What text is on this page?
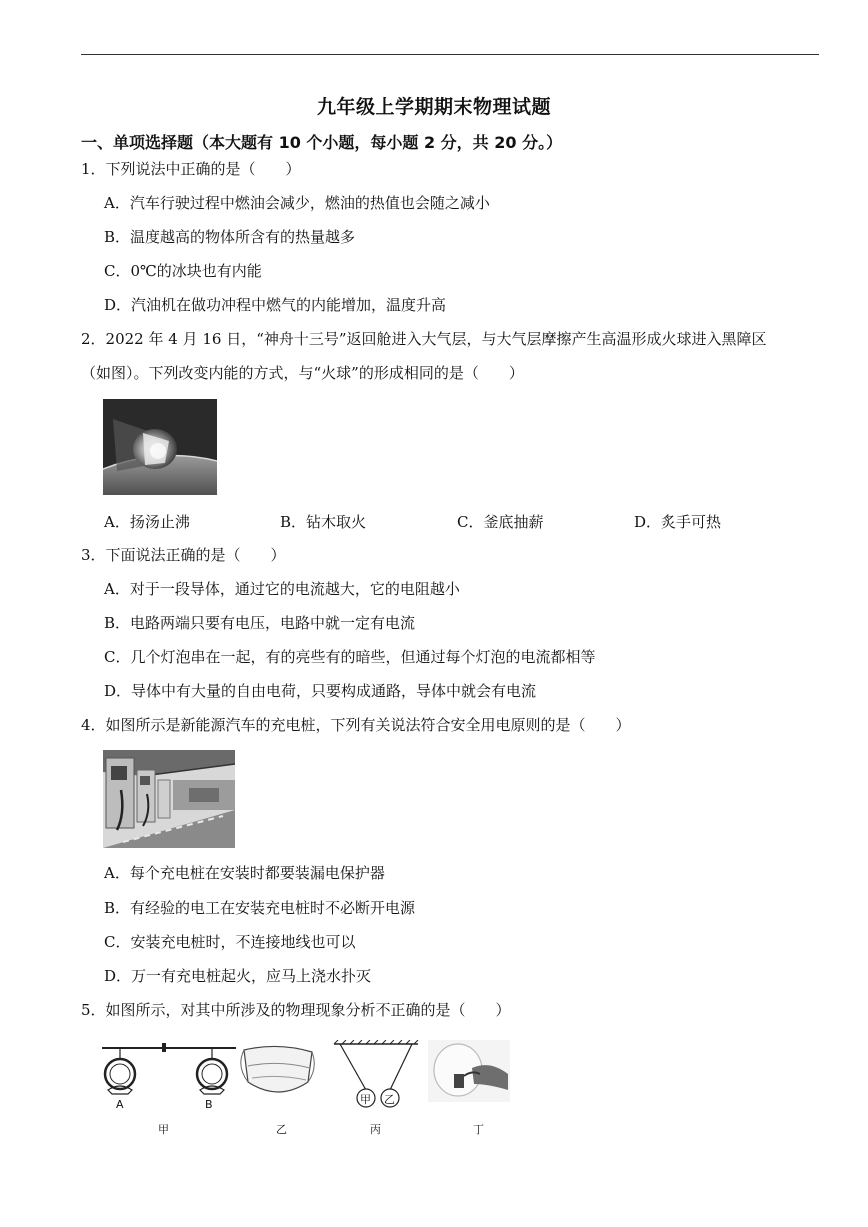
九年级上学期期末物理试题
一、单项选择题（本大题有 10 个小题，每小题 2 分，共 20 分。）
1．下列说法中正确的是（　　）
A．汽车行驶过程中燃油会减少，燃油的热值也会随之减小
B．温度越高的物体所含有的热量越多
C．0℃的冰块也有内能
D．汽油机在做功冲程中燃气的内能增加，温度升高
2．2022 年 4 月 16 日，“神舟十三号”返回舱进入大气层，与大气层摩擦产生高温形成火球进入黑障区
（如图）。下列改变内能的方式，与“火球”的形成相同的是（　　）
A．扬汤止沸	B．钻木取火	C．釜底抽薪	D．炙手可热
3．下面说法正确的是（　　）
A．对于一段导体，通过它的电流越大，它的电阻越小
B．电路两端只要有电压，电路中就一定有电流
C．几个灯泡串在一起，有的亮些有的暗些，但通过每个灯泡的电流都相等
D．导体中有大量的自由电荷，只要构成通路，导体中就会有电流
4．如图所示是新能源汽车的充电桩，下列有关说法符合安全用电原则的是（　　）
A．每个充电桩在安装时都要装漏电保护器
B．有经验的电工在安装充电桩时不必断开电源
C．安装充电桩时，不连接地线也可以
D．万一有充电桩起火，应马上浇水扑灭
5．如图所示，对其中所涉及的物理现象分析不正确的是（　　）
A	B	甲 乙
甲	乙	丙	丁
